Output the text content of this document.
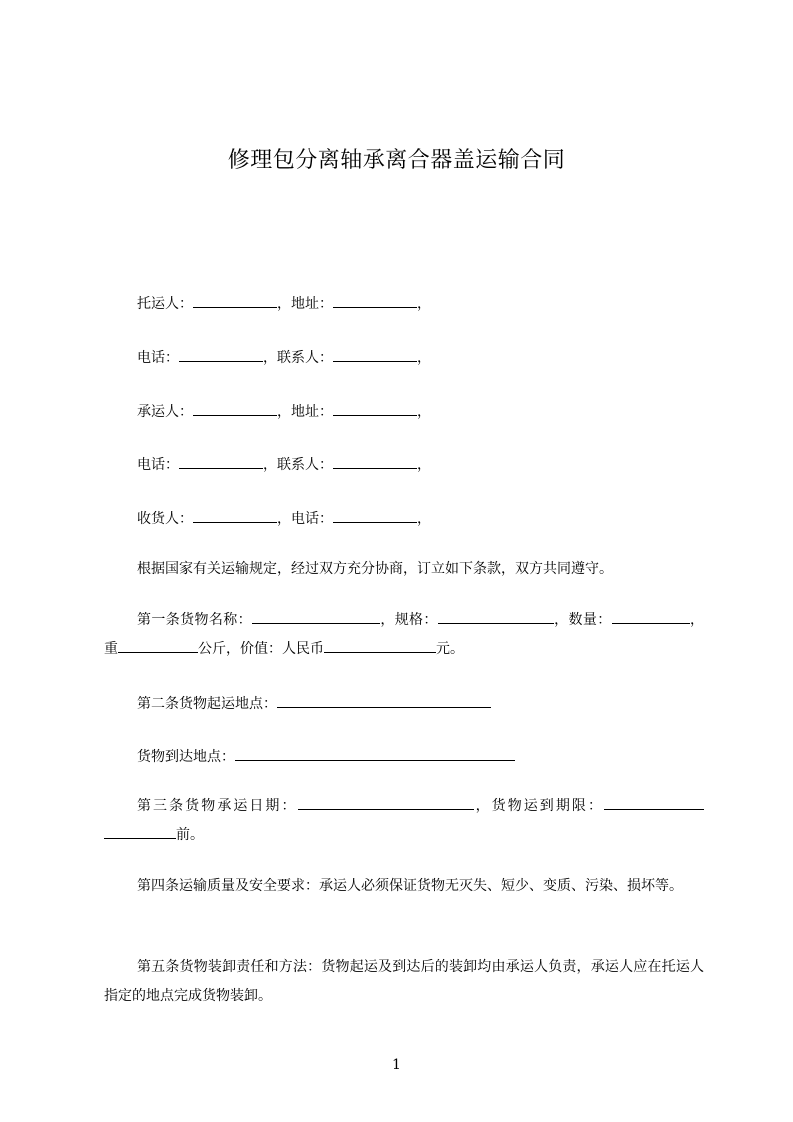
修理包分离轴承离合器盖运输合同
托运人：	，地址：	，
电话：	，联系人：	，
承运人：	，地址：	，
电话：	，联系人：	，
收货人：	，电话：	，
根据国家有关运输规定，经过双方充分协商，订立如下条款，双方共同遵守。
第一条货物名称：	，规格：	，数量：	，重	公斤，价值：人民币	元。
第二条货物起运地点：
货物到达地点：
第三条货物承运日期：	，货物运到期限：前。
第四条运输质量及安全要求：承运人必须保证货物无灭失、短少、变质、污染、损坏等。
第五条货物装卸责任和方法：货物起运及到达后的装卸均由承运人负责，承运人应在托运人指定的地点完成货物装卸。
1
